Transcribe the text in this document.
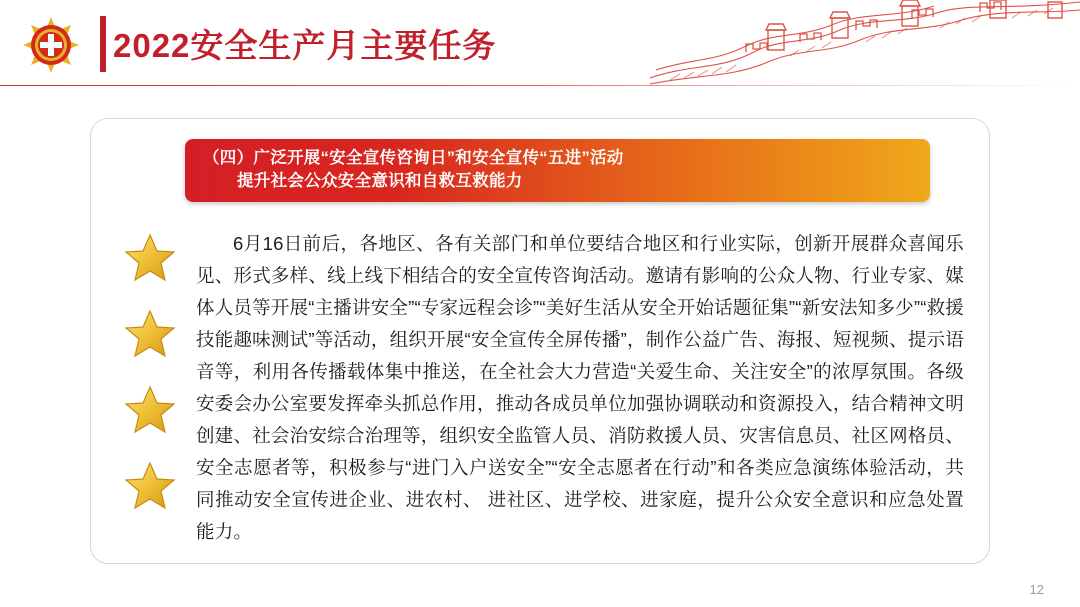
2022安全生产月主要任务
（四）广泛开展“安全宣传咨询日”和安全宣传“五进”活动
提升社会公众安全意识和自救互救能力

6月16日前后，各地区、各有关部门和单位要结合地区和行业实际，创新开展群众喜闻乐见、形式多样、线上线下相结合的安全宣传咨询活动。邀请有影响的公众人物、行业专家、媒体人员等开展“主播讲安全”“专家远程会诊”“美好生活从安全开始话题征集”“新安法知多少”“救援技能趣味测试”等活动，组织开展“安全宣传全屏传播”，制作公益广告、海报、短视频、提示语音等，利用各传播载体集中推送，在全社会大力营造“关爱生命、关注安全”的浓厚氛围。各级安委会办公室要发挥牵头抓总作用，推动各成员单位加强协调联动和资源投入，结合精神文明创建、社会治安综合治理等，组织安全监管人员、消防救援人员、灾害信息员、社区网格员、安全志愿者等，积极参与“进门入户送安全”“安全志愿者在行动”和各类应急演练体验活动，共同推动安全宣传进企业、进农村、 进社区、进学校、进家庭，提升公众安全意识和应急处置能力。

12
